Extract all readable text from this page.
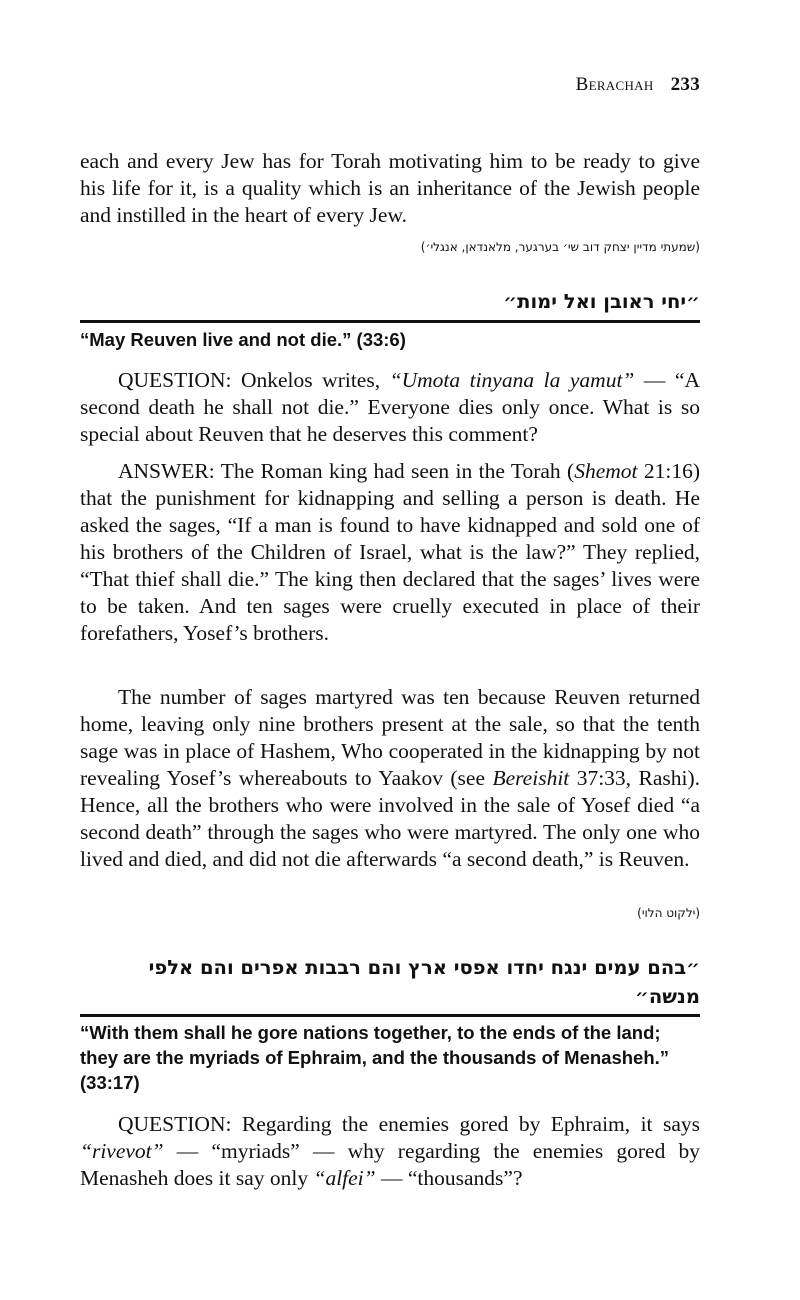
Berachah 233

each and every Jew has for Torah motivating him to be ready to give his life for it, is a quality which is an inheritance of the Jewish people and instilled in the heart of every Jew.

(שמעתי מדיין יצחק דוב שי׳ בערגער, מלאנדאן, אנגלי׳)
״יחי ראובן ואל ימות״
“May Reuven live and not die.” (33:6)

QUESTION: Onkelos writes, “Umota tinyana la yamut” — “A second death he shall not die.” Everyone dies only once. What is so special about Reuven that he deserves this comment?

ANSWER: The Roman king had seen in the Torah (Shemot 21:16) that the punishment for kidnapping and selling a person is death. He asked the sages, “If a man is found to have kidnapped and sold one of his brothers of the Children of Israel, what is the law?” They replied, “That thief shall die.” The king then declared that the sages’ lives were to be taken. And ten sages were cruelly executed in place of their forefathers, Yosef’s brothers.

The number of sages martyred was ten because Reuven returned home, leaving only nine brothers present at the sale, so that the tenth sage was in place of Hashem, Who cooperated in the kidnapping by not revealing Yosef’s whereabouts to Yaakov (see Bereishit 37:33, Rashi). Hence, all the brothers who were involved in the sale of Yosef died “a second death” through the sages who were martyred. The only one who lived and died, and did not die afterwards “a second death,” is Reuven.

(ילקוט הלוי)
״בהם עמים ינגח יחדו אפסי ארץ והם רבבות אפרים והם אלפי
מנשה״
“With them shall he gore nations together, to the ends of the land; they are the myriads of Ephraim, and the thousands of Menasheh.” (33:17)

QUESTION: Regarding the enemies gored by Ephraim, it says “rivevot” — “myriads” — why regarding the enemies gored by Menasheh does it say only “alfei” — “thousands”?
